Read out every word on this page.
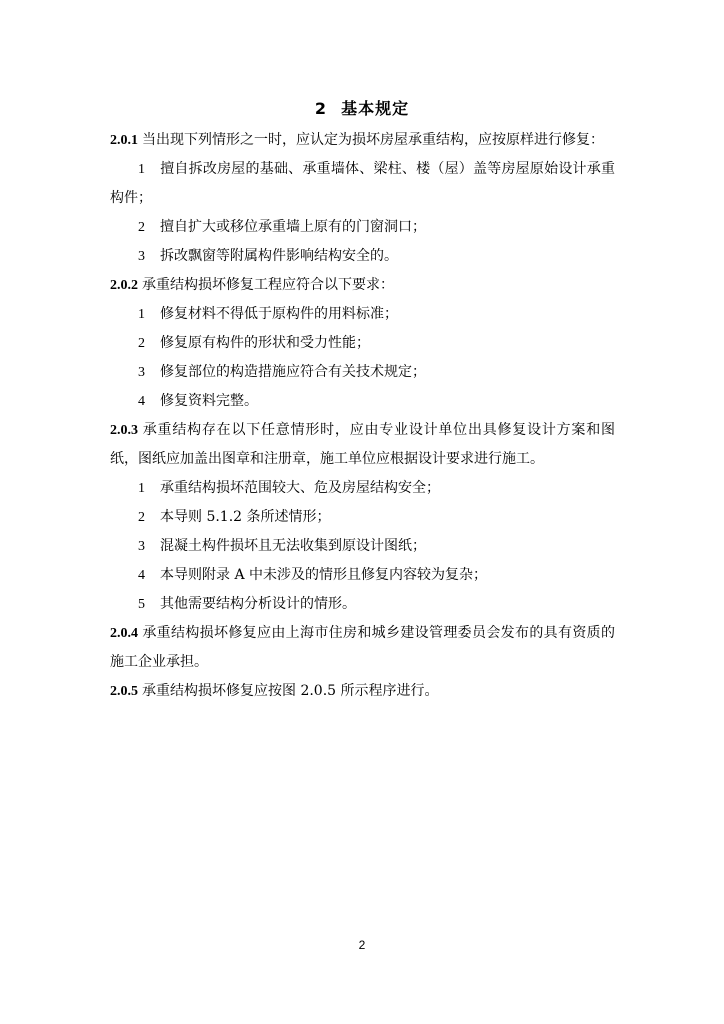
2 基本规定

2.0.1 当出现下列情形之一时，应认定为损坏房屋承重结构，应按原样进行修复：

1 擅自拆改房屋的基础、承重墙体、梁柱、楼（屋）盖等房屋原始设计承重构件；

2 擅自扩大或移位承重墙上原有的门窗洞口；

3 拆改飘窗等附属构件影响结构安全的。

2.0.2 承重结构损坏修复工程应符合以下要求：

1 修复材料不得低于原构件的用料标准；

2 修复原有构件的形状和受力性能；

3 修复部位的构造措施应符合有关技术规定；

4 修复资料完整。

2.0.3 承重结构存在以下任意情形时，应由专业设计单位出具修复设计方案和图纸，图纸应加盖出图章和注册章，施工单位应根据设计要求进行施工。

1 承重结构损坏范围较大、危及房屋结构安全；

2 本导则 5.1.2 条所述情形；

3 混凝土构件损坏且无法收集到原设计图纸；

4 本导则附录 A 中未涉及的情形且修复内容较为复杂；

5 其他需要结构分析设计的情形。

2.0.4 承重结构损坏修复应由上海市住房和城乡建设管理委员会发布的具有资质的施工企业承担。

2.0.5 承重结构损坏修复应按图 2.0.5 所示程序进行。

2
